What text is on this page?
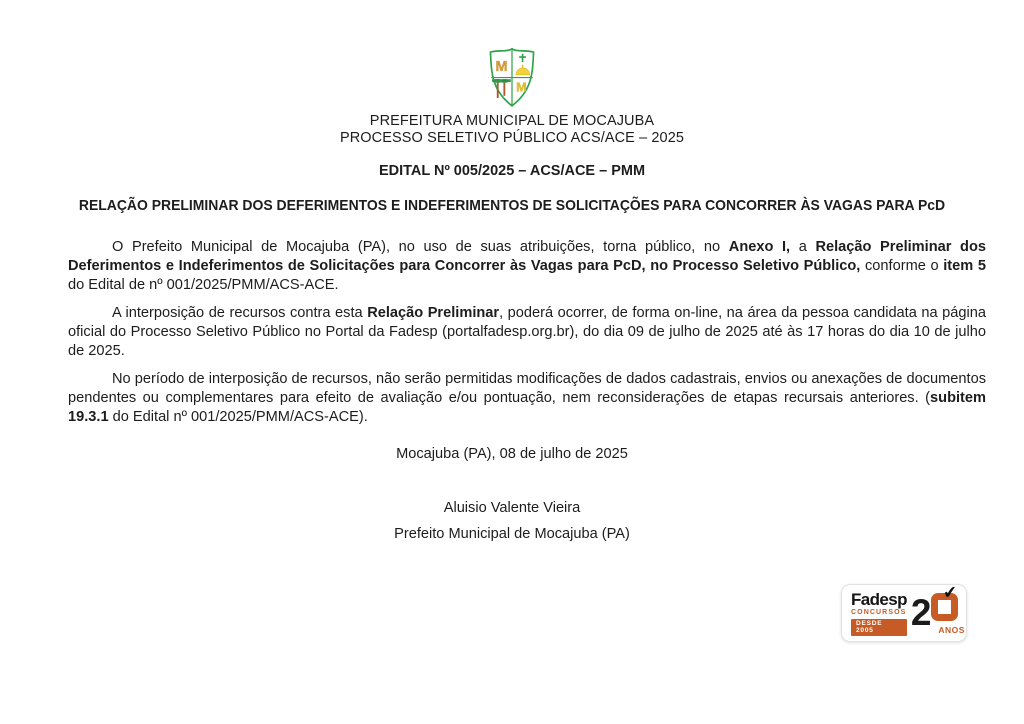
M
M
PREFEITURA MUNICIPAL DE MOCAJUBA
PROCESSO SELETIVO PÚBLICO ACS/ACE – 2025
EDITAL Nº 005/2025 – ACS/ACE – PMM
RELAÇÃO PRELIMINAR DOS DEFERIMENTOS E INDEFERIMENTOS DE SOLICITAÇÕES PARA CONCORRER ÀS VAGAS PARA PcD

O Prefeito Municipal de Mocajuba (PA), no uso de suas atribuições, torna público, no Anexo I, a Relação Preliminar dos Deferimentos e Indeferimentos de Solicitações para Concorrer às Vagas para PcD, no Processo Seletivo Público, conforme o item 5 do Edital de nº 001/2025/PMM/ACS-ACE.

A interposição de recursos contra esta Relação Preliminar, poderá ocorrer, de forma on-line, na área da pessoa candidata na página oficial do Processo Seletivo Público no Portal da Fadesp (portalfadesp.org.br), do dia 09 de julho de 2025 até às 17 horas do dia 10 de julho de 2025.

No período de interposição de recursos, não serão permitidas modificações de dados cadastrais, envios ou anexações de documentos pendentes ou complementares para efeito de avaliação e/ou pontuação, nem reconsiderações de etapas recursais anteriores. (subitem 19.3.1 do Edital nº 001/2025/PMM/ACS-ACE).

Mocajuba (PA), 08 de julho de 2025
Aluisio Valente Vieira
Prefeito Municipal de Mocajuba (PA)
Fadesp
CONCURSOS
DESDE 2005	2 ✔
ANOS
